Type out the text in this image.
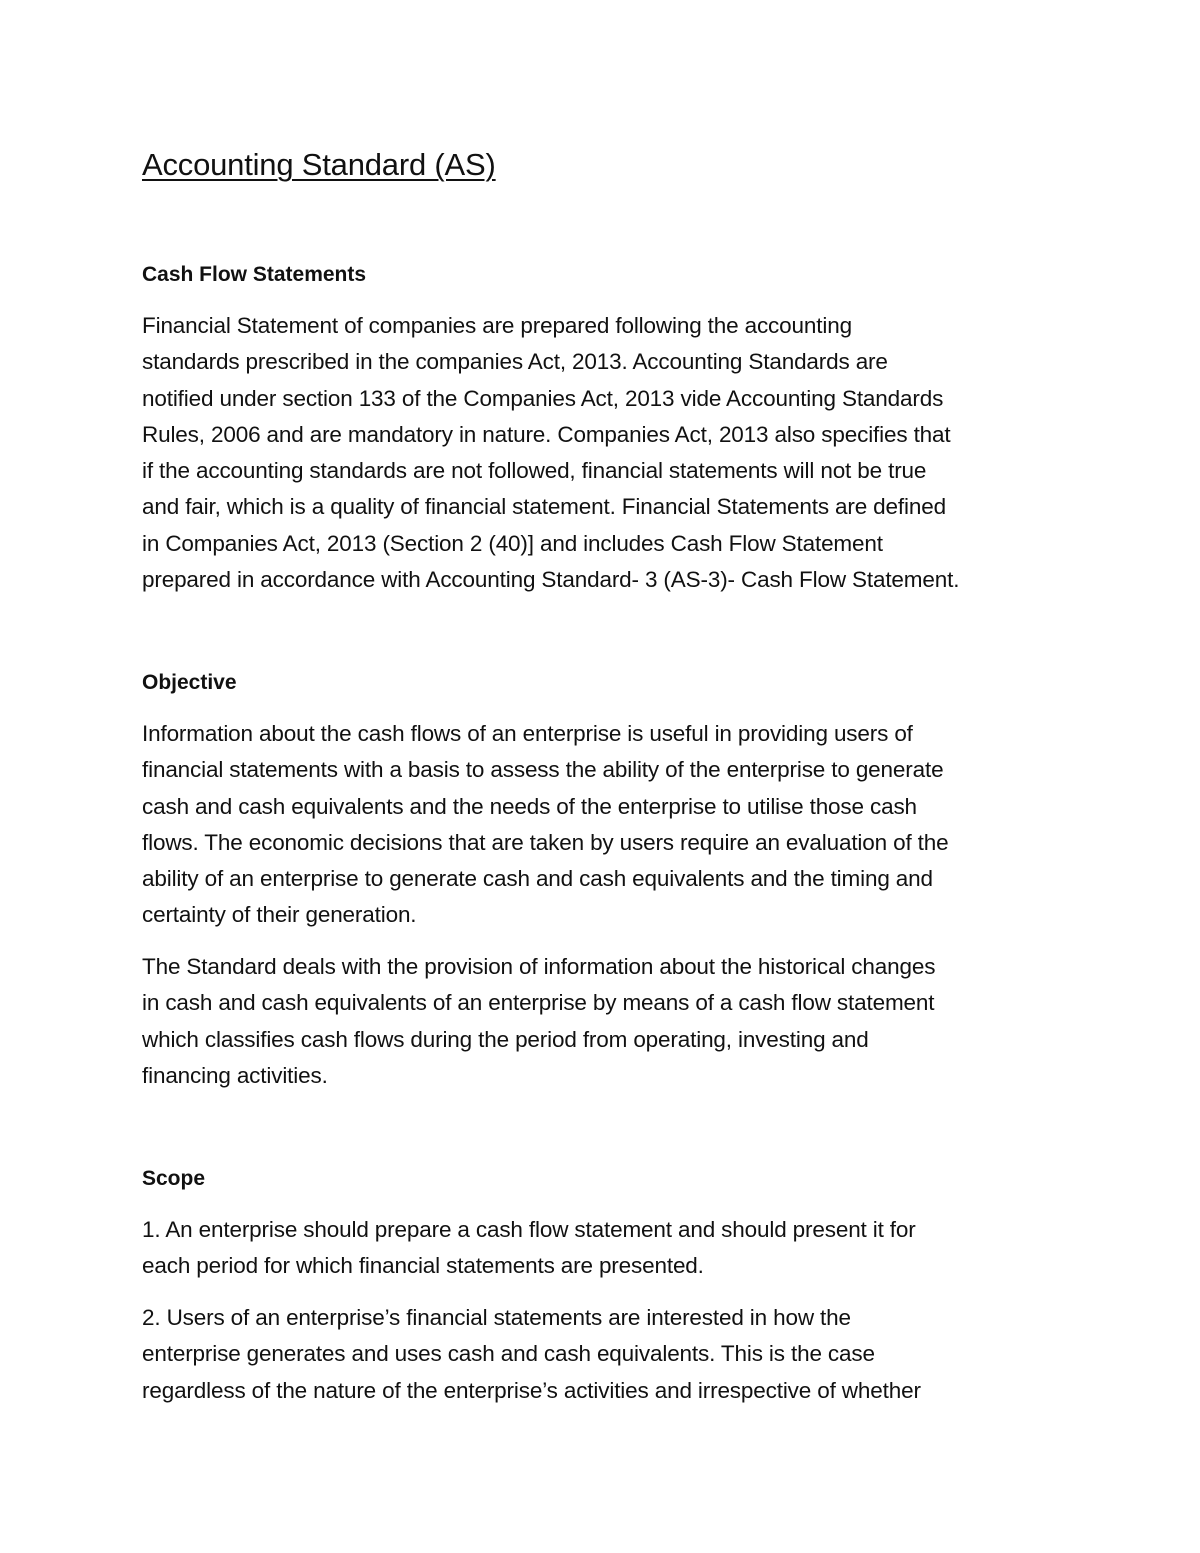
Accounting Standard (AS)
Cash Flow Statements

Financial Statement of companies are prepared following the accounting
standards prescribed in the companies Act, 2013. Accounting Standards are
notified under section 133 of the Companies Act, 2013 vide Accounting Standards
Rules, 2006 and are mandatory in nature. Companies Act, 2013 also specifies that
if the accounting standards are not followed, financial statements will not be true
and fair, which is a quality of financial statement. Financial Statements are defined
in Companies Act, 2013 (Section 2 (40)] and includes Cash Flow Statement
prepared in accordance with Accounting Standard- 3 (AS-3)- Cash Flow Statement.

Objective

Information about the cash flows of an enterprise is useful in providing users of
financial statements with a basis to assess the ability of the enterprise to generate
cash and cash equivalents and the needs of the enterprise to utilise those cash
flows. The economic decisions that are taken by users require an evaluation of the
ability of an enterprise to generate cash and cash equivalents and the timing and
certainty of their generation.

The Standard deals with the provision of information about the historical changes
in cash and cash equivalents of an enterprise by means of a cash flow statement
which classifies cash flows during the period from operating, investing and
financing activities.

Scope

1. An enterprise should prepare a cash flow statement and should present it for
each period for which financial statements are presented.

2. Users of an enterprise’s financial statements are interested in how the
enterprise generates and uses cash and cash equivalents. This is the case
regardless of the nature of the enterprise’s activities and irrespective of whether
